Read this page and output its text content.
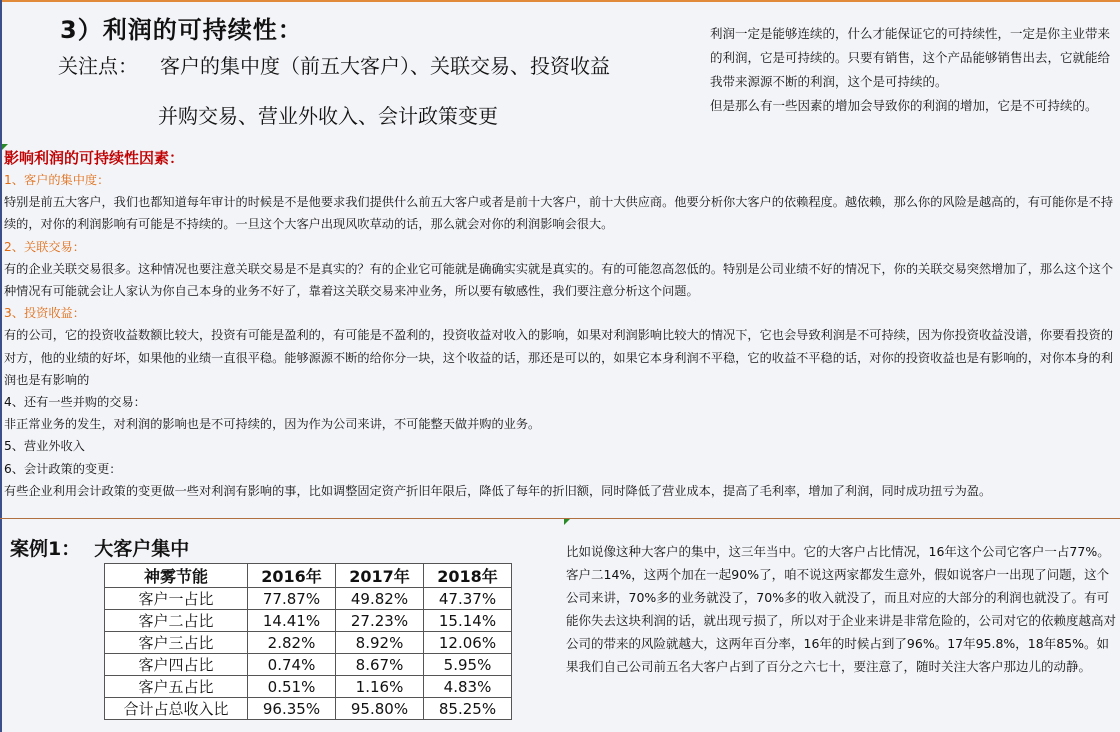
3）利润的可持续性：
关注点： 客户的集中度（前五大客户）、关联交易、投资收益
并购交易、营业外收入、会计政策变更
利润一定是能够连续的，什么才能保证它的可持续性，一定是你主业带来的利润，它是可持续的。只要有销售，这个产品能够销售出去，它就能给我带来源源不断的利润，这个是可持续的。
但是那么有一些因素的增加会导致你的利润的增加，它是不可持续的。

影响利润的可持续性因素：

1、客户的集中度：

特别是前五大客户，我们也都知道每年审计的时候是不是他要求我们提供什么前五大客户或者是前十大客户，前十大供应商。他要分析你大客户的依赖程度。越依赖，那么你的风险是越高的，有可能你是不持续的，对你的利润影响有可能是不持续的。一旦这个大客户出现风吹草动的话，那么就会对你的利润影响会很大。

2、关联交易：

有的企业关联交易很多。这种情况也要注意关联交易是不是真实的？有的企业它可能就是确确实实就是真实的。有的可能忽高忽低的。特别是公司业绩不好的情况下，你的关联交易突然增加了，那么这个这个种情况有可能就会让人家认为你自己本身的业务不好了，靠着这关联交易来冲业务，所以要有敏感性，我们要注意分析这个问题。

3、投资收益：

有的公司，它的投资收益数额比较大，投资有可能是盈利的，有可能是不盈利的，投资收益对收入的影响，如果对利润影响比较大的情况下，它也会导致利润是不可持续，因为你投资收益没谱，你要看投资的对方，他的业绩的好坏，如果他的业绩一直很平稳。能够源源不断的给你分一块，这个收益的话，那还是可以的，如果它本身利润不平稳，它的收益不平稳的话，对你的投资收益也是有影响的，对你本身的利润也是有影响的

4、还有一些并购的交易：

非正常业务的发生，对利润的影响也是不可持续的，因为作为公司来讲，不可能整天做并购的业务。

5、营业外收入

6、会计政策的变更：

有些企业利用会计政策的变更做一些对利润有影响的事，比如调整固定资产折旧年限后，降低了每年的折旧额，同时降低了营业成本，提高了毛利率，增加了利润，同时成功扭亏为盈。

案例1： 大客户集中
神雾节能	2016年	2017年	2018年
客户一占比	77.87%	49.82%	47.37%
客户二占比	14.41%	27.23%	15.14%
客户三占比	2.82%	8.92%	12.06%
客户四占比	0.74%	8.67%	5.95%
客户五占比	0.51%	1.16%	4.83%
合计占总收入比	96.35%	95.80%	85.25%
比如说像这种大客户的集中，这三年当中。它的大客户占比情况，16年这个公司它客户一占77%。客户二14%，这两个加在一起90%了，咱不说这两家都发生意外，假如说客户一出现了问题，这个公司来讲，70%多的业务就没了，70%多的收入就没了，而且对应的大部分的利润也就没了。有可能你失去这块利润的话，就出现亏损了，所以对于企业来讲是非常危险的，公司对它的依赖度越高对公司的带来的风险就越大，这两年百分率，16年的时候占到了96%。17年95.8%，18年85%。如果我们自己公司前五名大客户占到了百分之六七十，要注意了，随时关注大客户那边儿的动静。
